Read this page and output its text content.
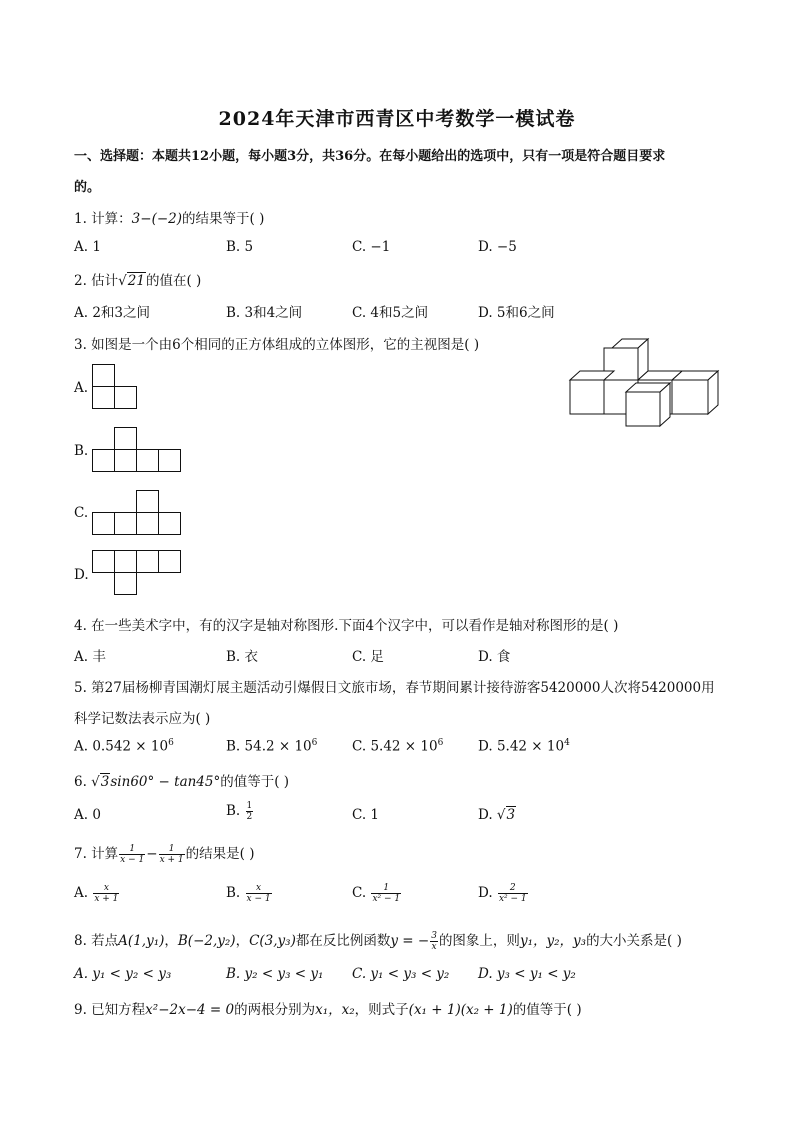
2024年天津市西青区中考数学一模试卷
一、选择题：本题共12小题，每小题3分，共36分。在每小题给出的选项中，只有一项是符合题目要求
的。
1. 计算：3−(−2)的结果等于( )
A. 1	B. 5	C. −1	D. −5
2. 估计√21的值在( )
A. 2和3之间	B. 3和4之间	C. 4和5之间	D. 5和6之间
3. 如图是一个由6个相同的正方体组成的立体图形，它的主视图是( )
A.
B.
C.
D.
4. 在一些美术字中，有的汉字是轴对称图形.下面4个汉字中，可以看作是轴对称图形的是( )
A. 丰	B. 衣	C. 足	D. 食
5. 第27届杨柳青国潮灯展主题活动引爆假日文旅市场，春节期间累计接待游客5420000人次将5420000用
科学记数法表示应为( )
A. $0.542 \times 10^6$	B. $54.2 \times 10^6$	C. $5.42 \times 10^6$	D. $5.42 \times 10^4$
6. √3sin60° − tan45°的值等于( )
A. 0	B. $\frac{1}{2}$	C. 1	D. √3
7. 计算 $\frac{1}{x - 1} - \frac{1}{x + 1}$ 的结果是( )
A. $\frac{x}{x + 1}$	B. $\frac{x}{x - 1}$	C. $\frac{1}{\text{x² − 1}}$	D. $\frac{2}{\text{x² − 1}}$
8. 若点A(1,y₁)，B(−2,y₂)，C(3,y₃)都在反比例函数y = − $\frac{3}{x}$ 的图象上，则y₁，y₂，y₃的大小关系是( )
A. y₁ < y₂ < y₃	B. y₂ < y₃ < y₁ C. y₁ < y₃ < y₂ D. y₃ < y₁ < y₂
9. 已知方程x²−2x−4 = 0的两根分别为x₁，x₂，则式子(x₁ + 1)(x₂ + 1)的值等于( )
